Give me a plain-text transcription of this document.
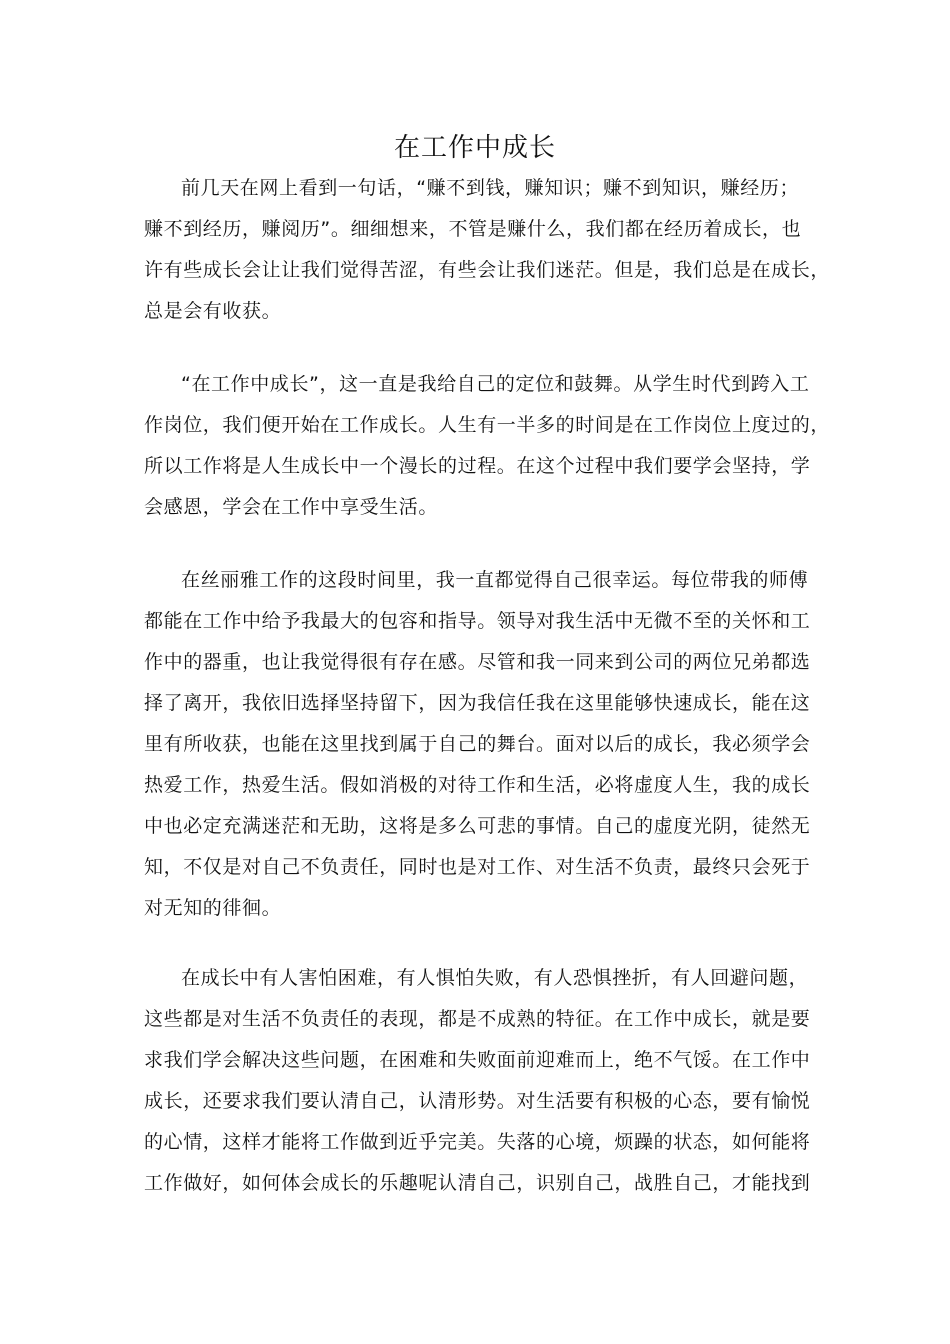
在工作中成长

前几天在网上看到一句话，“赚不到钱，赚知识；赚不到知识，赚经历；
赚不到经历，赚阅历”。细细想来，不管是赚什么，我们都在经历着成长，也
许有些成长会让让我们觉得苦涩，有些会让我们迷茫。但是，我们总是在成长，
总是会有收获。

“在工作中成长”，这一直是我给自己的定位和鼓舞。从学生时代到跨入工
作岗位，我们便开始在工作成长。人生有一半多的时间是在工作岗位上度过的，
所以工作将是人生成长中一个漫长的过程。在这个过程中我们要学会坚持，学
会感恩，学会在工作中享受生活。

在丝丽雅工作的这段时间里，我一直都觉得自己很幸运。每位带我的师傅
都能在工作中给予我最大的包容和指导。领导对我生活中无微不至的关怀和工
作中的器重，也让我觉得很有存在感。尽管和我一同来到公司的两位兄弟都选
择了离开，我依旧选择坚持留下，因为我信任我在这里能够快速成长，能在这
里有所收获，也能在这里找到属于自己的舞台。面对以后的成长，我必须学会
热爱工作，热爱生活。假如消极的对待工作和生活，必将虚度人生，我的成长
中也必定充满迷茫和无助，这将是多么可悲的事情。自己的虚度光阴，徒然无
知，不仅是对自己不负责任，同时也是对工作、对生活不负责，最终只会死于
对无知的徘徊。

在成长中有人害怕困难，有人惧怕失败，有人恐惧挫折，有人回避问题，
这些都是对生活不负责任的表现，都是不成熟的特征。在工作中成长，就是要
求我们学会解决这些问题，在困难和失败面前迎难而上，绝不气馁。在工作中
成长，还要求我们要认清自己，认清形势。对生活要有积极的心态，要有愉悦
的心情，这样才能将工作做到近乎完美。失落的心境，烦躁的状态，如何能将
工作做好，如何体会成长的乐趣呢认清自己，识别自己，战胜自己，才能找到
